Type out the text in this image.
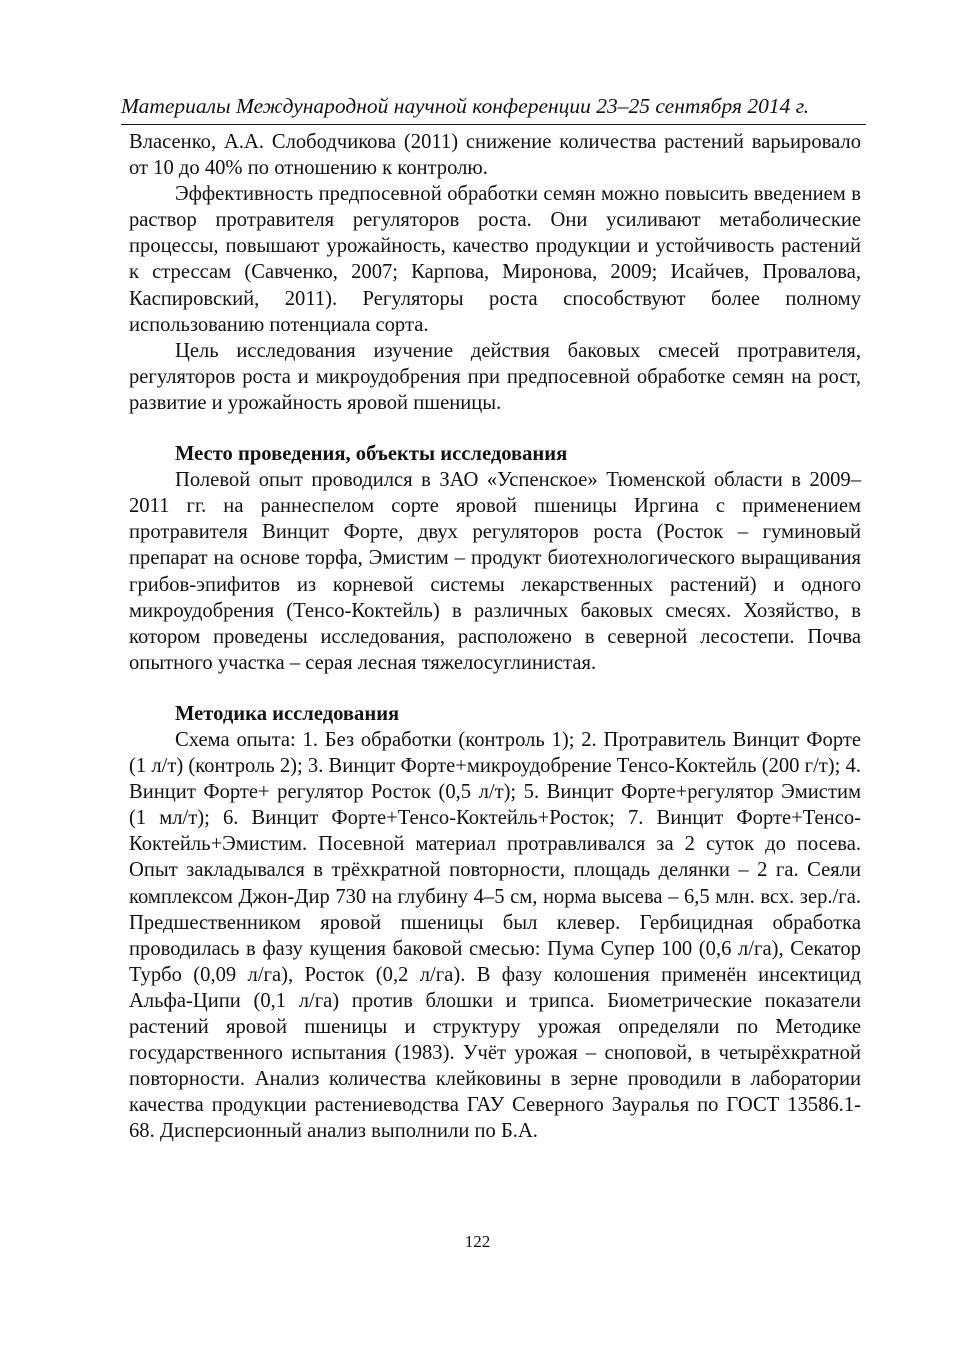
Материалы Международной научной конференции 23–25 сентября 2014 г.

Власенко, А.А. Слободчикова (2011) снижение количества растений варьировало от 10 до 40% по отношению к контролю.

Эффективность предпосевной обработки семян можно повысить введением в раствор протравителя регуляторов роста. Они усиливают метаболические процессы, повышают урожайность, качество продукции и устойчивость растений к стрессам (Савченко, 2007; Карпова, Миронова, 2009; Исайчев, Провалова, Каспировский, 2011). Регуляторы роста способствуют более полному использованию потенциала сорта.

Цель исследования изучение действия баковых смесей протравителя, регуляторов роста и микроудобрения при предпосевной обработке семян на рост, развитие и урожайность яровой пшеницы.

Место проведения, объекты исследования

Полевой опыт проводился в ЗАО «Успенское» Тюменской области в 2009–2011 гг. на раннеспелом сорте яровой пшеницы Иргина с применением протравителя Винцит Форте, двух регуляторов роста (Росток – гуминовый препарат на основе торфа, Эмистим – продукт биотехнологического выращивания грибов-эпифитов из корневой системы лекарственных растений) и одного микроудобрения (Тенсо-Коктейль) в различных баковых смесях. Хозяйство, в котором проведены исследования, расположено в северной лесостепи. Почва опытного участка – серая лесная тяжелосуглинистая.

Методика исследования

Схема опыта: 1. Без обработки (контроль 1); 2. Протравитель Винцит Форте (1 л/т) (контроль 2); 3. Винцит Форте+микроудобрение Тенсо-Коктейль (200 г/т); 4. Винцит Форте+ регулятор Росток (0,5 л/т); 5. Винцит Форте+регулятор Эмистим (1 мл/т); 6. Винцит Форте+Тенсо-Коктейль+Росток; 7. Винцит Форте+Тенсо-Коктейль+Эмистим. Посевной материал протравливался за 2 суток до посева. Опыт закладывался в трёхкратной повторности, площадь делянки – 2 га. Сеяли комплексом Джон-Дир 730 на глубину 4–5 см, норма высева – 6,5 млн. всх. зер./га. Предшественником яровой пшеницы был клевер. Гербицидная обработка проводилась в фазу кущения баковой смесью: Пума Супер 100 (0,6 л/га), Секатор Турбо (0,09 л/га), Росток (0,2 л/га). В фазу колошения применён инсектицид Альфа-Ципи (0,1 л/га) против блошки и трипса. Биометрические показатели растений яровой пшеницы и структуру урожая определяли по Методике государственного испытания (1983). Учёт урожая – сноповой, в четырёхкратной повторности. Анализ количества клейковины в зерне проводили в лаборатории качества продукции растениеводства ГАУ Северного Зауралья по ГОСТ 13586.1-68. Дисперсионный анализ выполнили по Б.А.

122
